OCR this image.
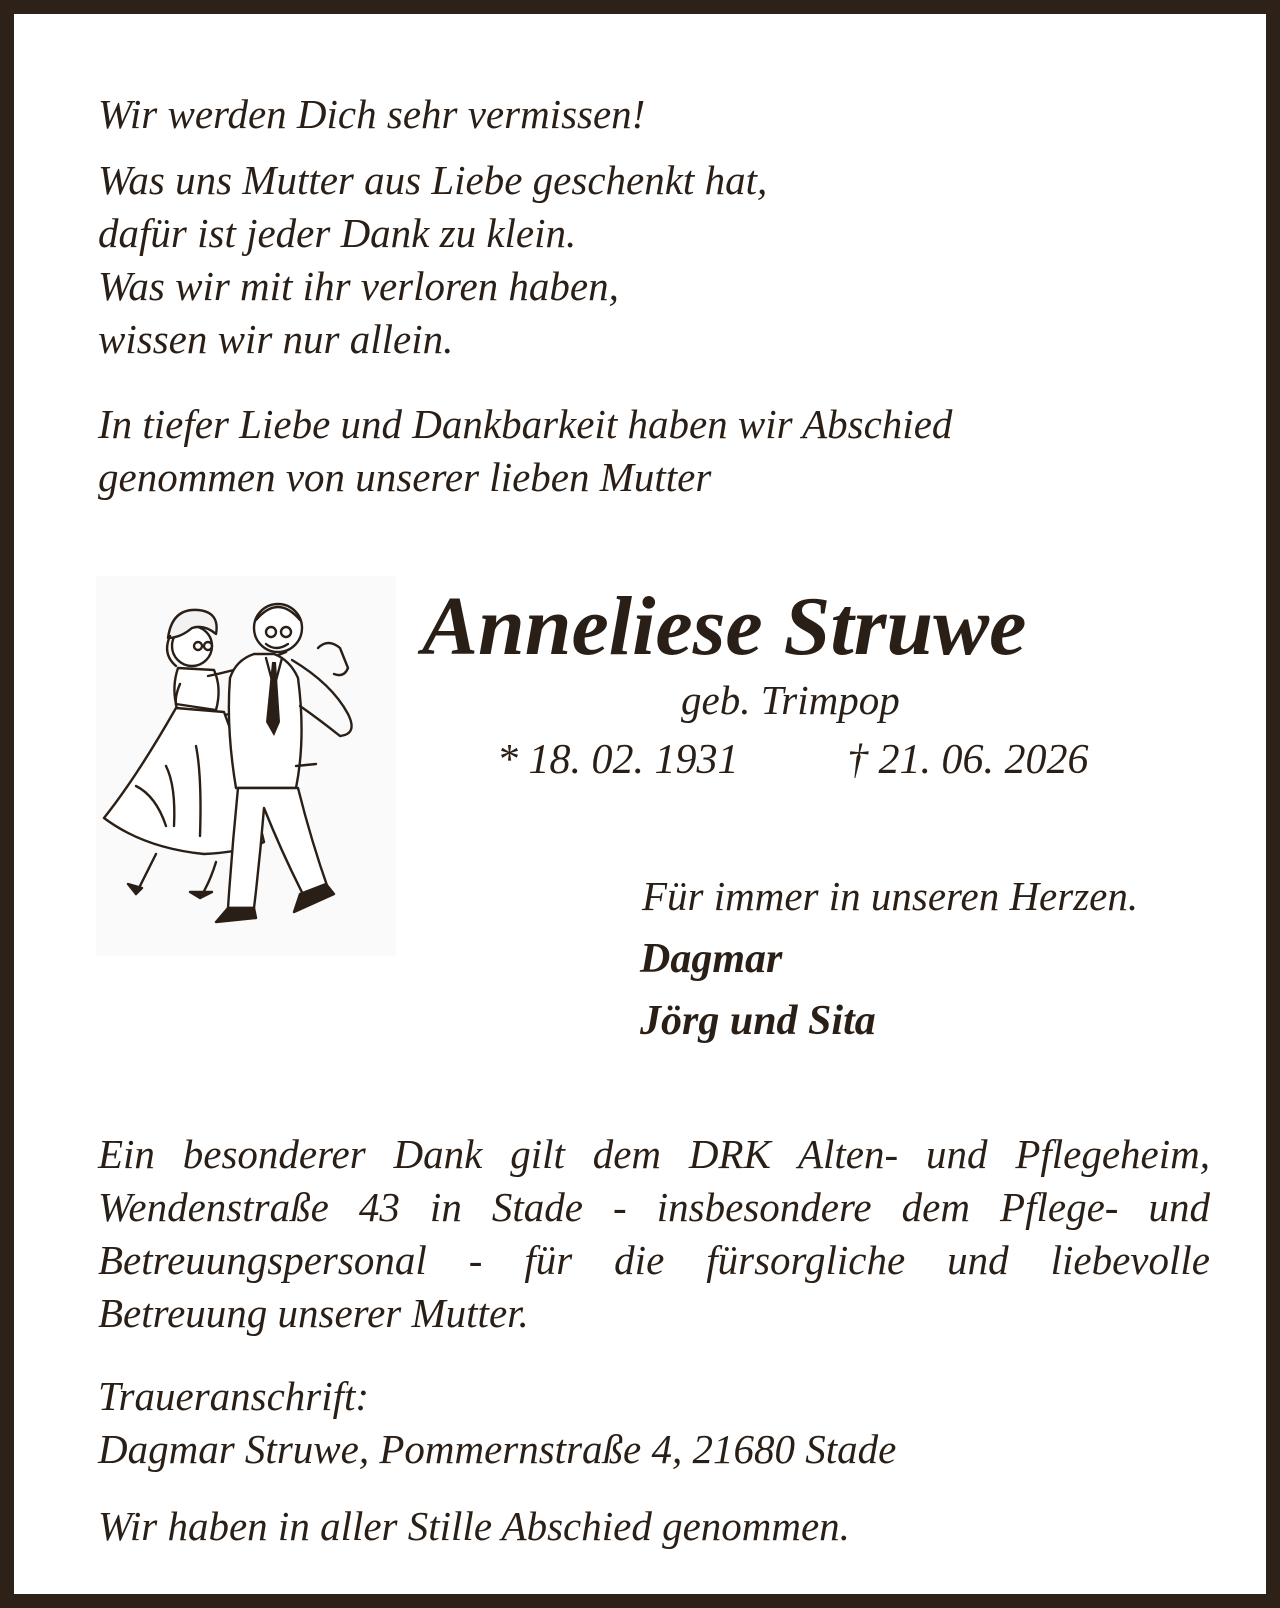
Wir werden Dich sehr vermissen!

Was uns Mutter aus Liebe geschenkt hat,
dafür ist jeder Dank zu klein.
Was wir mit ihr verloren haben,
wissen wir nur allein.

In tiefer Liebe und Dankbarkeit haben wir Abschied
genommen von unserer lieben Mutter

Anneliese Struwe
geb. Trimpop
* 18. 02. 1931	† 21. 06. 2026
Für immer in unseren Herzen.
Dagmar
Jörg und Sita

Ein besonderer Dank gilt dem DRK Alten- und Pflegeheim,
Wendenstraße 43 in Stade - insbesondere dem Pflege- und
Betreuungspersonal - für die fürsorgliche und liebevolle
Betreuung unserer Mutter.

Traueranschrift:
Dagmar Struwe, Pommernstraße 4, 21680 Stade

Wir haben in aller Stille Abschied genommen.
